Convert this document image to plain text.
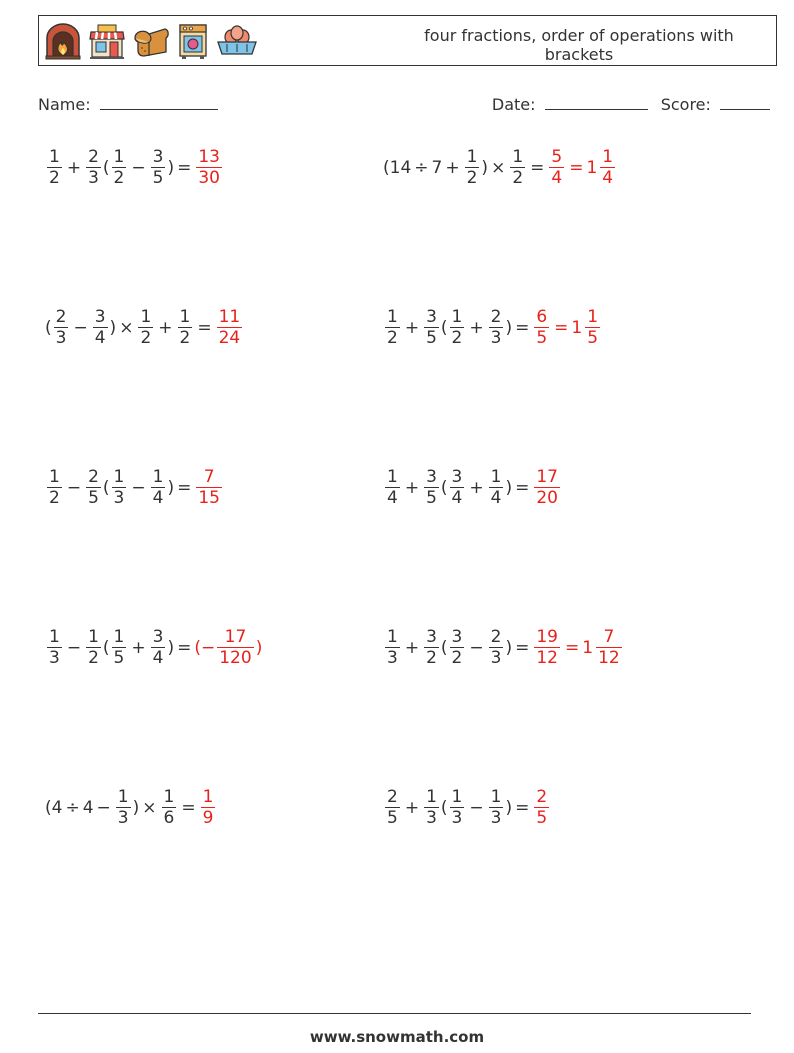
four fractions, order of operations with brackets
Name:	Date:	Score:
$\frac{1}{2} + \frac{2}{3}$ ( $\frac{1}{2} - \frac{3}{5}$ ) = $\frac{13}{30}$	($14 \div 7 + \frac{1}{2}$ ) × $\frac{1}{2} = \frac{5}{4} = 1 \frac{1}{4}$
( $\frac{2}{3} - \frac{3}{4}$ ) × $\frac{1}{2} + \frac{1}{2} = \frac{11}{24}$	$\frac{1}{2} + \frac{3}{5}$ ( $\frac{1}{2} + \frac{2}{3}$ ) = $\frac{6}{5} = 1 \frac{1}{5}$
$\frac{1}{2} - \frac{2}{5}$ ( $\frac{1}{3} - \frac{1}{4}$ ) = $\frac{7}{15}$	$\frac{1}{4} + \frac{3}{5}$ ( $\frac{3}{4} + \frac{1}{4}$ ) = $\frac{17}{20}$
$\frac{1}{3} - \frac{1}{2}$ ( $\frac{1}{5} + \frac{3}{4}$ ) = (− $\frac{17}{120}$ )	$\frac{1}{3} + \frac{3}{2}$ ( $\frac{3}{2} - \frac{2}{3}$ ) = $\frac{19}{12} = 1 \frac{7}{12}$
($4 \div 4 - \frac{1}{3}$ ) × $\frac{1}{6} = \frac{1}{9}$	$\frac{2}{5} + \frac{1}{3}$ ( $\frac{1}{3} - \frac{1}{3}$ ) = $\frac{2}{5}$
www.snowmath.com
